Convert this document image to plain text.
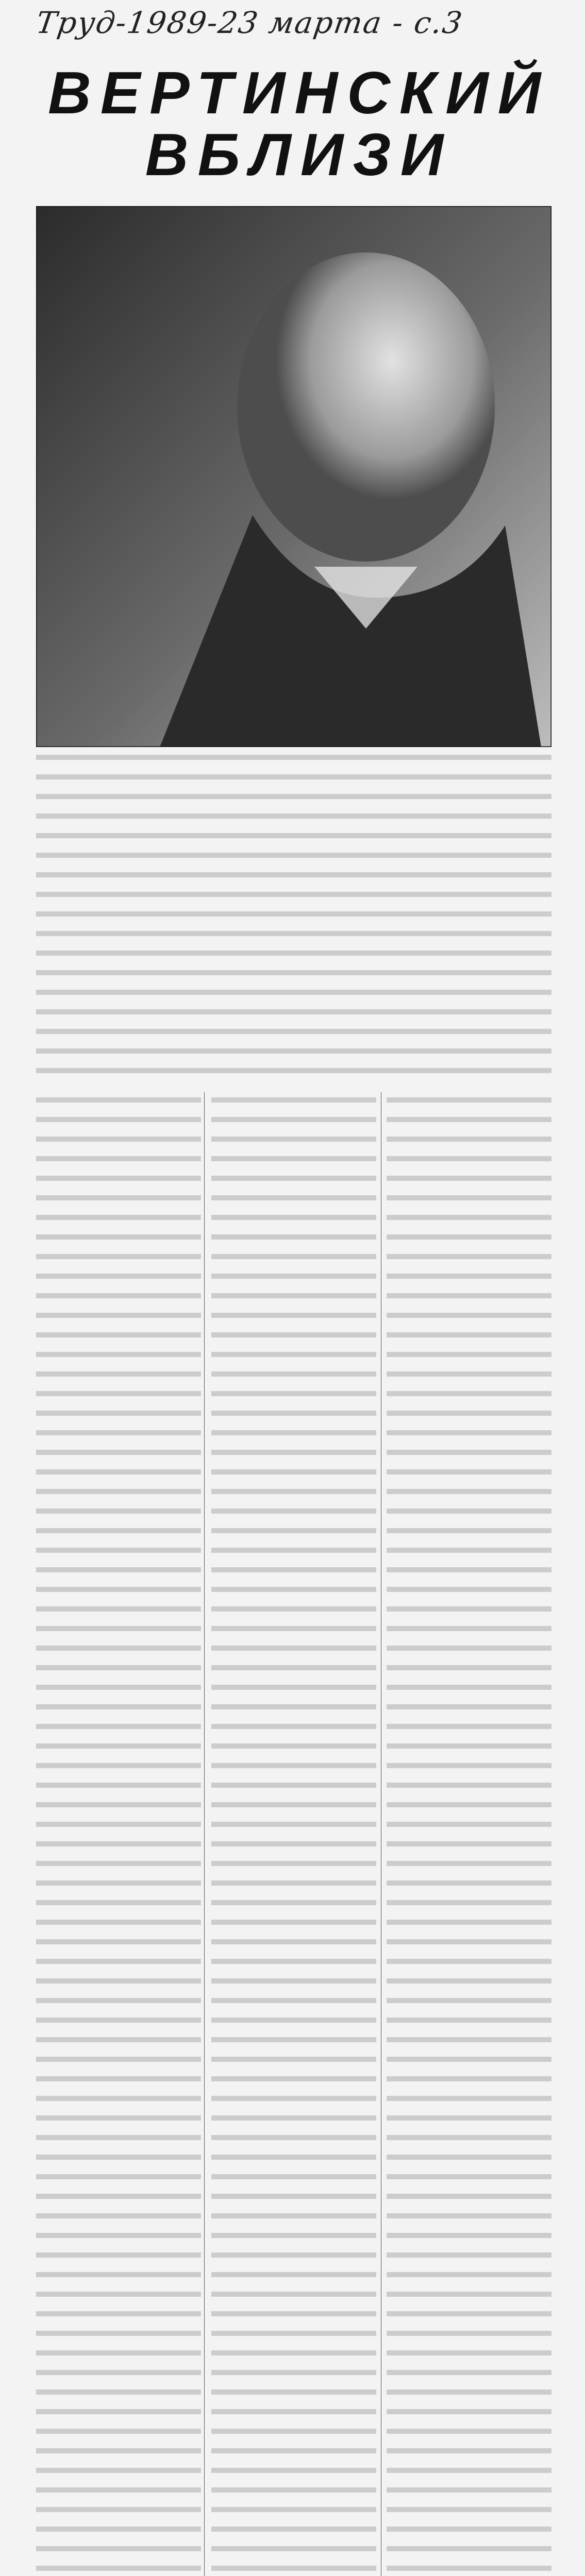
Труд-1989-23 марта - с.3
ВЕРТИНСКИЙ
ВБЛИЗИ
